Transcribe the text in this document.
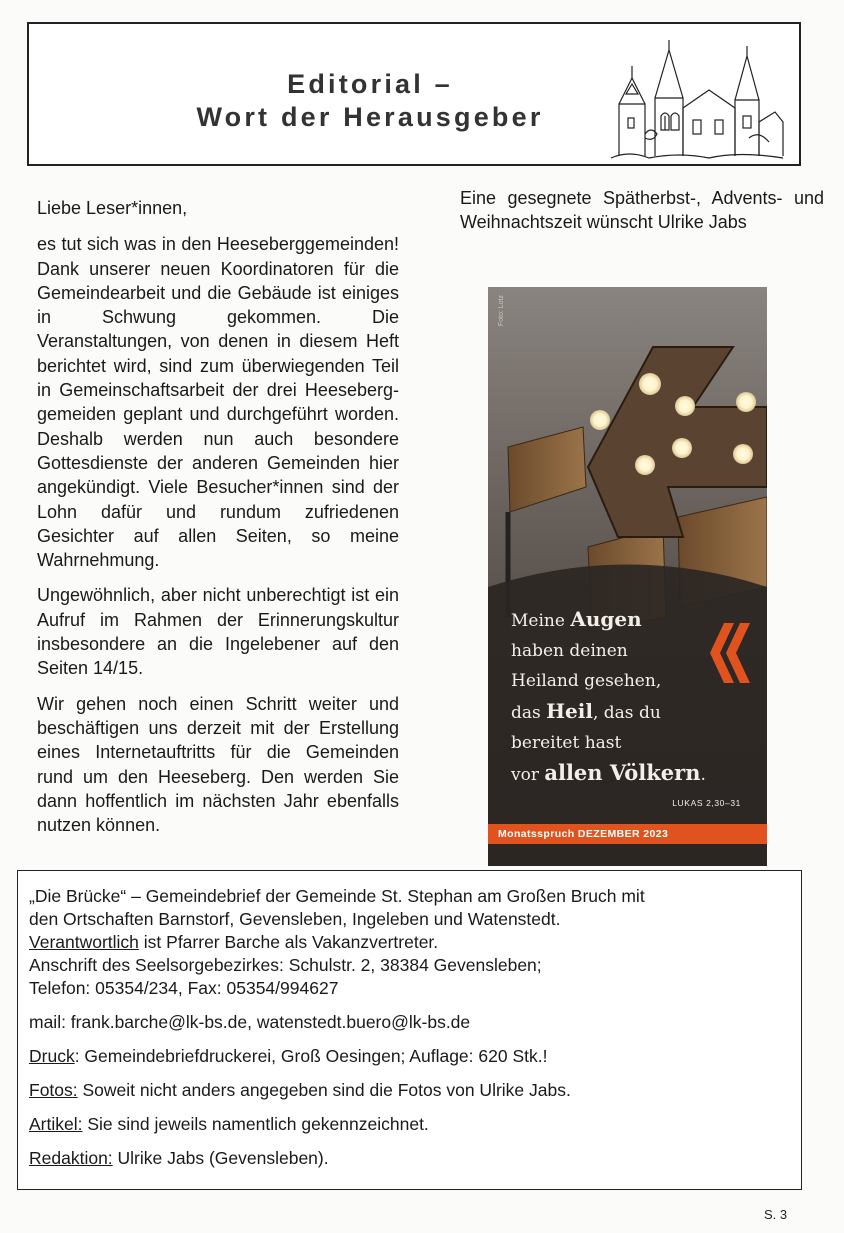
Editorial –
Wort der Herausgeber

Liebe Leser*innen,

es tut sich was in den Heeseberggemeinden! Dank unserer neuen Koordinatoren für die Gemeindearbeit und die Gebäude ist einiges in Schwung gekommen. Die Veranstaltungen, von denen in diesem Heft berichtet wird, sind zum überwiegenden Teil in Gemeinschaftsarbeit der drei Heeseberggemeiden geplant und durchgeführt worden. Deshalb werden nun auch besondere Gottesdienste der anderen Gemeinden hier angekündigt. Viele Besucher*innen sind der Lohn dafür und rundum zufriedenen Gesichter auf allen Seiten, so meine Wahrnehmung.

Ungewöhnlich, aber nicht unberechtigt ist ein Aufruf im Rahmen der Erinnerungskultur insbesondere an die Ingelebener auf den Seiten 14/15.

Wir gehen noch einen Schritt weiter und beschäftigen uns derzeit mit der Erstellung eines Internetauftritts für die Gemeinden rund um den Heeseberg. Den werden Sie dann hoffentlich im nächsten Jahr ebenfalls nutzen können.

Eine gesegnete Spätherbst-, Advents- und Weihnachtszeit wünscht Ulrike Jabs

Foto: Lotz
Meine Augen
haben deinen
Heiland gesehen,
das Heil, das du
bereitet hast
vor allen Völkern.
LUKAS 2,30–31
Monatsspruch DEZEMBER 2023
„Die Brücke“ – Gemeindebrief der Gemeinde St. Stephan am Großen Bruch mit
den Ortschaften Barnstorf, Gevensleben, Ingeleben und Watenstedt.
Verantwortlich ist Pfarrer Barche als Vakanzvertreter.
Anschrift des Seelsorgebezirkes: Schulstr. 2, 38384 Gevensleben;
Telefon: 05354/234, Fax: 05354/994627
mail: frank.barche@lk-bs.de, watenstedt.buero@lk-bs.de
Druck: Gemeindebriefdruckerei, Groß Oesingen; Auflage: 620 Stk.!
Fotos: Soweit nicht anders angegeben sind die Fotos von Ulrike Jabs.
Artikel: Sie sind jeweils namentlich gekennzeichnet.
Redaktion: Ulrike Jabs (Gevensleben).
S. 3
